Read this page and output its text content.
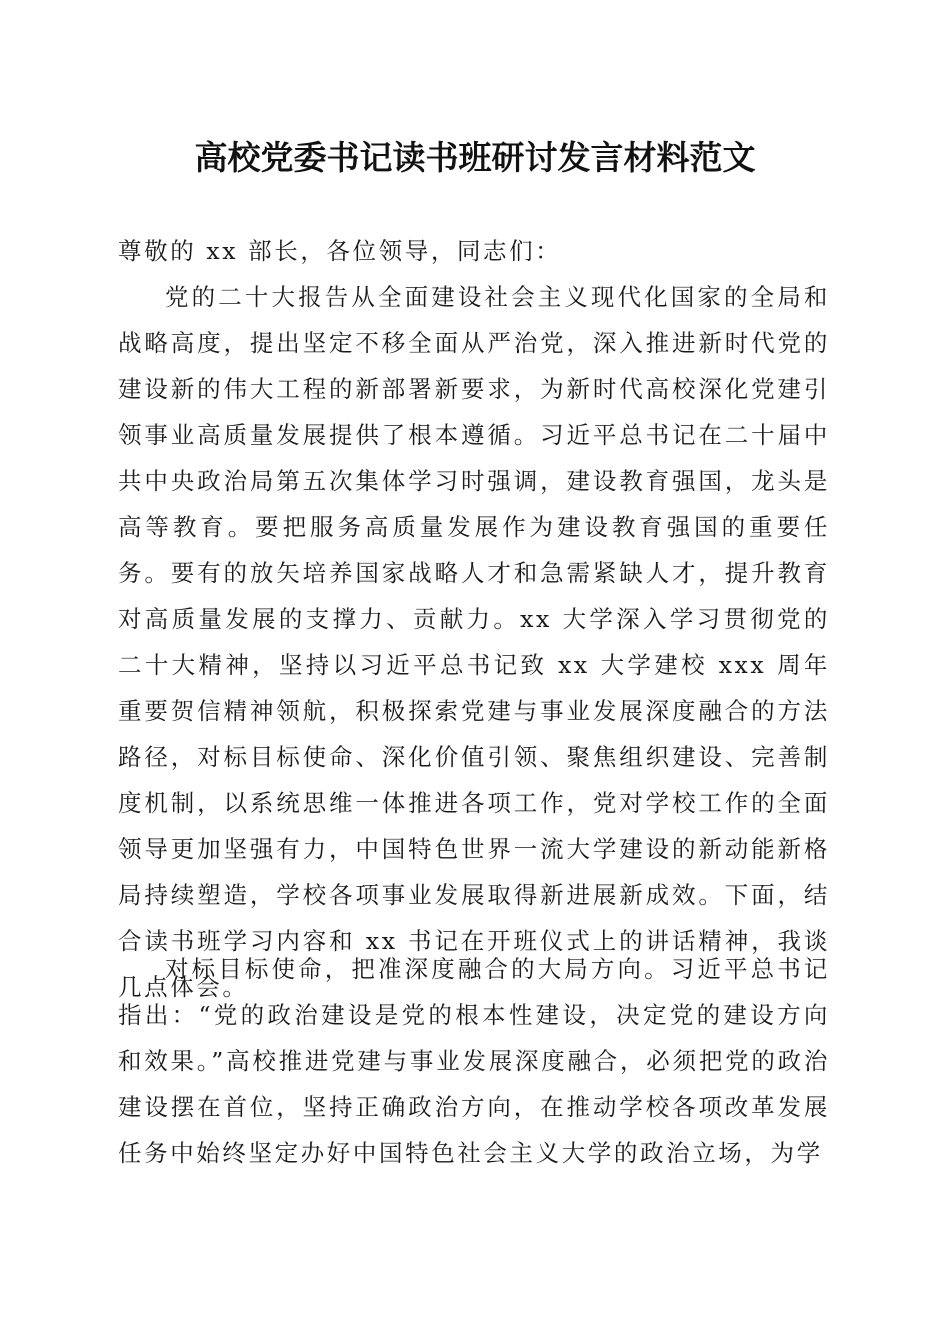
高校党委书记读书班研讨发言材料范文
尊敬的 xx 部长，各位领导，同志们：

党的二十大报告从全面建设社会主义现代化国家的全局和战略高度，提出坚定不移全面从严治党，深入推进新时代党的建设新的伟大工程的新部署新要求，为新时代高校深化党建引领事业高质量发展提供了根本遵循。习近平总书记在二十届中共中央政治局第五次集体学习时强调，建设教育强国，龙头是高等教育。要把服务高质量发展作为建设教育强国的重要任务。要有的放矢培养国家战略人才和急需紧缺人才，提升教育对高质量发展的支撑力、贡献力。xx 大学深入学习贯彻党的二十大精神，坚持以习近平总书记致 xx 大学建校 xxx 周年重要贺信精神领航，积极探索党建与事业发展深度融合的方法路径，对标目标使命、深化价值引领、聚焦组织建设、完善制度机制，以系统思维一体推进各项工作，党对学校工作的全面领导更加坚强有力，中国特色世界一流大学建设的新动能新格局持续塑造，学校各项事业发展取得新进展新成效。下面，结合读书班学习内容和 xx 书记在开班仪式上的讲话精神，我谈几点体会。

对标目标使命，把准深度融合的大局方向。习近平总书记指出：“党的政治建设是党的根本性建设，决定党的建设方向和效果。”高校推进党建与事业发展深度融合，必须把党的政治建设摆在首位，坚持正确政治方向，在推动学校各项改革发展任务中始终坚定办好中国特色社会主义大学的政治立场，为学
